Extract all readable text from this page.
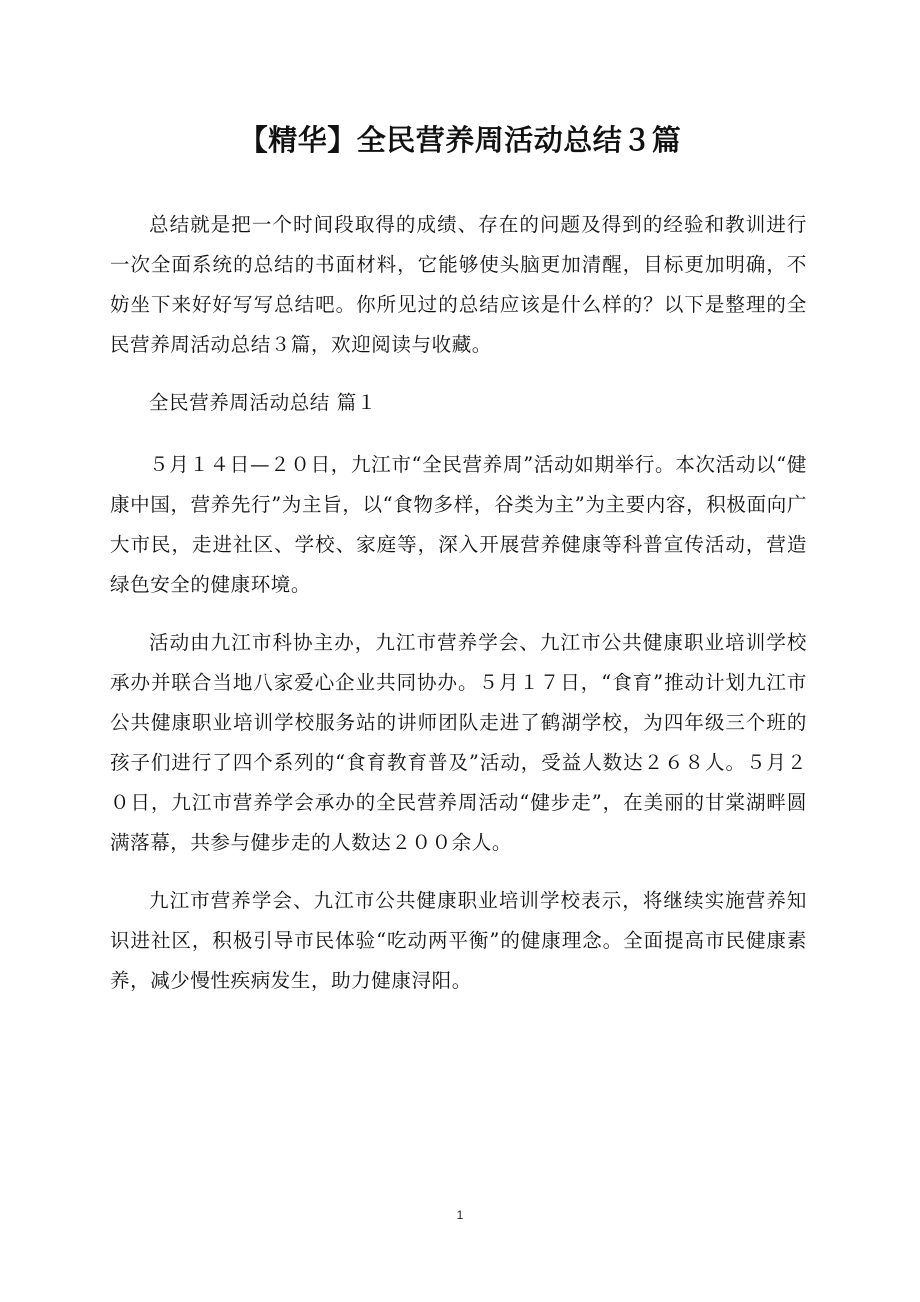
【精华】全民营养周活动总结３篇

总结就是把一个时间段取得的成绩、存在的问题及得到的经验和教训进行一次全面系统的总结的书面材料，它能够使头脑更加清醒，目标更加明确，不妨坐下来好好写写总结吧。你所见过的总结应该是什么样的？以下是整理的全民营养周活动总结３篇，欢迎阅读与收藏。

全民营养周活动总结 篇１

５月１４日—２０日，九江市“全民营养周”活动如期举行。本次活动以“健康中国，营养先行”为主旨，以“食物多样，谷类为主”为主要内容，积极面向广大市民，走进社区、学校、家庭等，深入开展营养健康等科普宣传活动，营造绿色安全的健康环境。

活动由九江市科协主办，九江市营养学会、九江市公共健康职业培训学校承办并联合当地八家爱心企业共同协办。５月１７日，“食育”推动计划九江市公共健康职业培训学校服务站的讲师团队走进了鹤湖学校，为四年级三个班的孩子们进行了四个系列的“食育教育普及”活动，受益人数达２６８人。５月２０日，九江市营养学会承办的全民营养周活动“健步走”，在美丽的甘棠湖畔圆满落幕，共参与健步走的人数达２００余人。

九江市营养学会、九江市公共健康职业培训学校表示，将继续实施营养知识进社区，积极引导市民体验“吃动两平衡”的健康理念。全面提高市民健康素养，减少慢性疾病发生，助力健康浔阳。

1
